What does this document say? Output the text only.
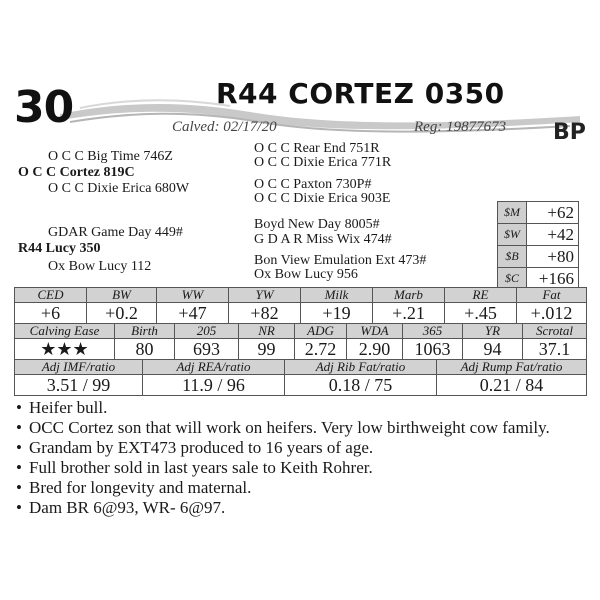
30	R44 CORTEZ 0350
Calved: 02/17/20	Reg: 19877673 BP
O C C Big Time 746Z
O C C Cortez 819C
O C C Dixie Erica 680W
GDAR Game Day 449#
R44 Lucy 350
Ox Bow Lucy 112
O C C Rear End 751R
O C C Dixie Erica 771R
O C C Paxton 730P#
O C C Dixie Erica 903E
Boyd New Day 8005#
G D A R Miss Wix 474#
Bon View Emulation Ext 473#
Ox Bow Lucy 956
$M	+62
$W	+42
$B	+80
$C	+166
CED	BW	WW	YW	Milk	Marb	RE	Fat
+6	+0.2	+47	+82	+19	+.21	+.45	+.012
Calving Ease	Birth	205	NR	ADG	WDA	365	YR	Scrotal
★★★	80	693	99	2.72	2.90	1063	94	37.1
Adj IMF/ratio	Adj REA/ratio	Adj Rib Fat/ratio	Adj Rump Fat/ratio
3.51 / 99	11.9 / 96	0.18 / 75	0.21 / 84
• Heifer bull.
• OCC Cortez son that will work on heifers. Very low birthweight cow family.
• Grandam by EXT473 produced to 16 years of age.
• Full brother sold in last years sale to Keith Rohrer.
• Bred for longevity and maternal.
• Dam BR 6@93, WR- 6@97.
